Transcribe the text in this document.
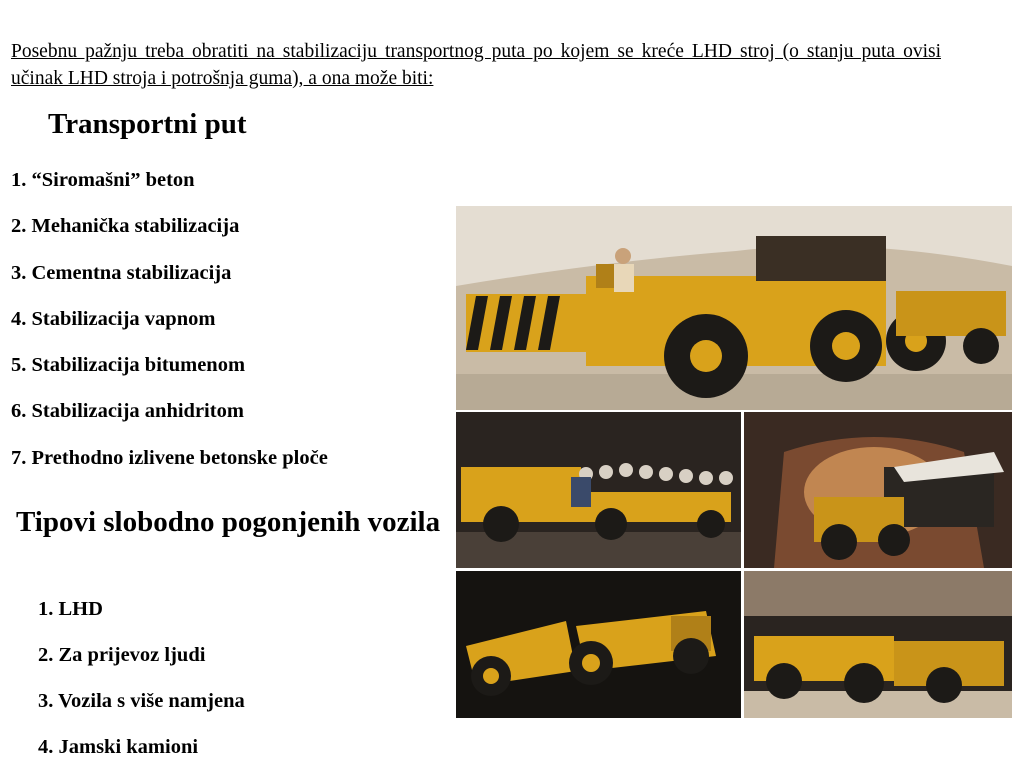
Posebnu pažnju treba obratiti na stabilizaciju transportnog puta po kojem se kreće LHD stroj (o stanju puta ovisi učinak LHD stroja i potrošnja guma), a ona može biti:
Transportni put
1. “Siromašni” beton
2. Mehanička stabilizacija
3. Cementna stabilizacija
4. Stabilizacija vapnom
5. Stabilizacija bitumenom
6. Stabilizacija anhidritom
7. Prethodno izlivene betonske ploče
Tipovi slobodno pogonjenih vozila
1. LHD
2. Za prijevoz ljudi
3. Vozila s više namjena
4. Jamski kamioni
